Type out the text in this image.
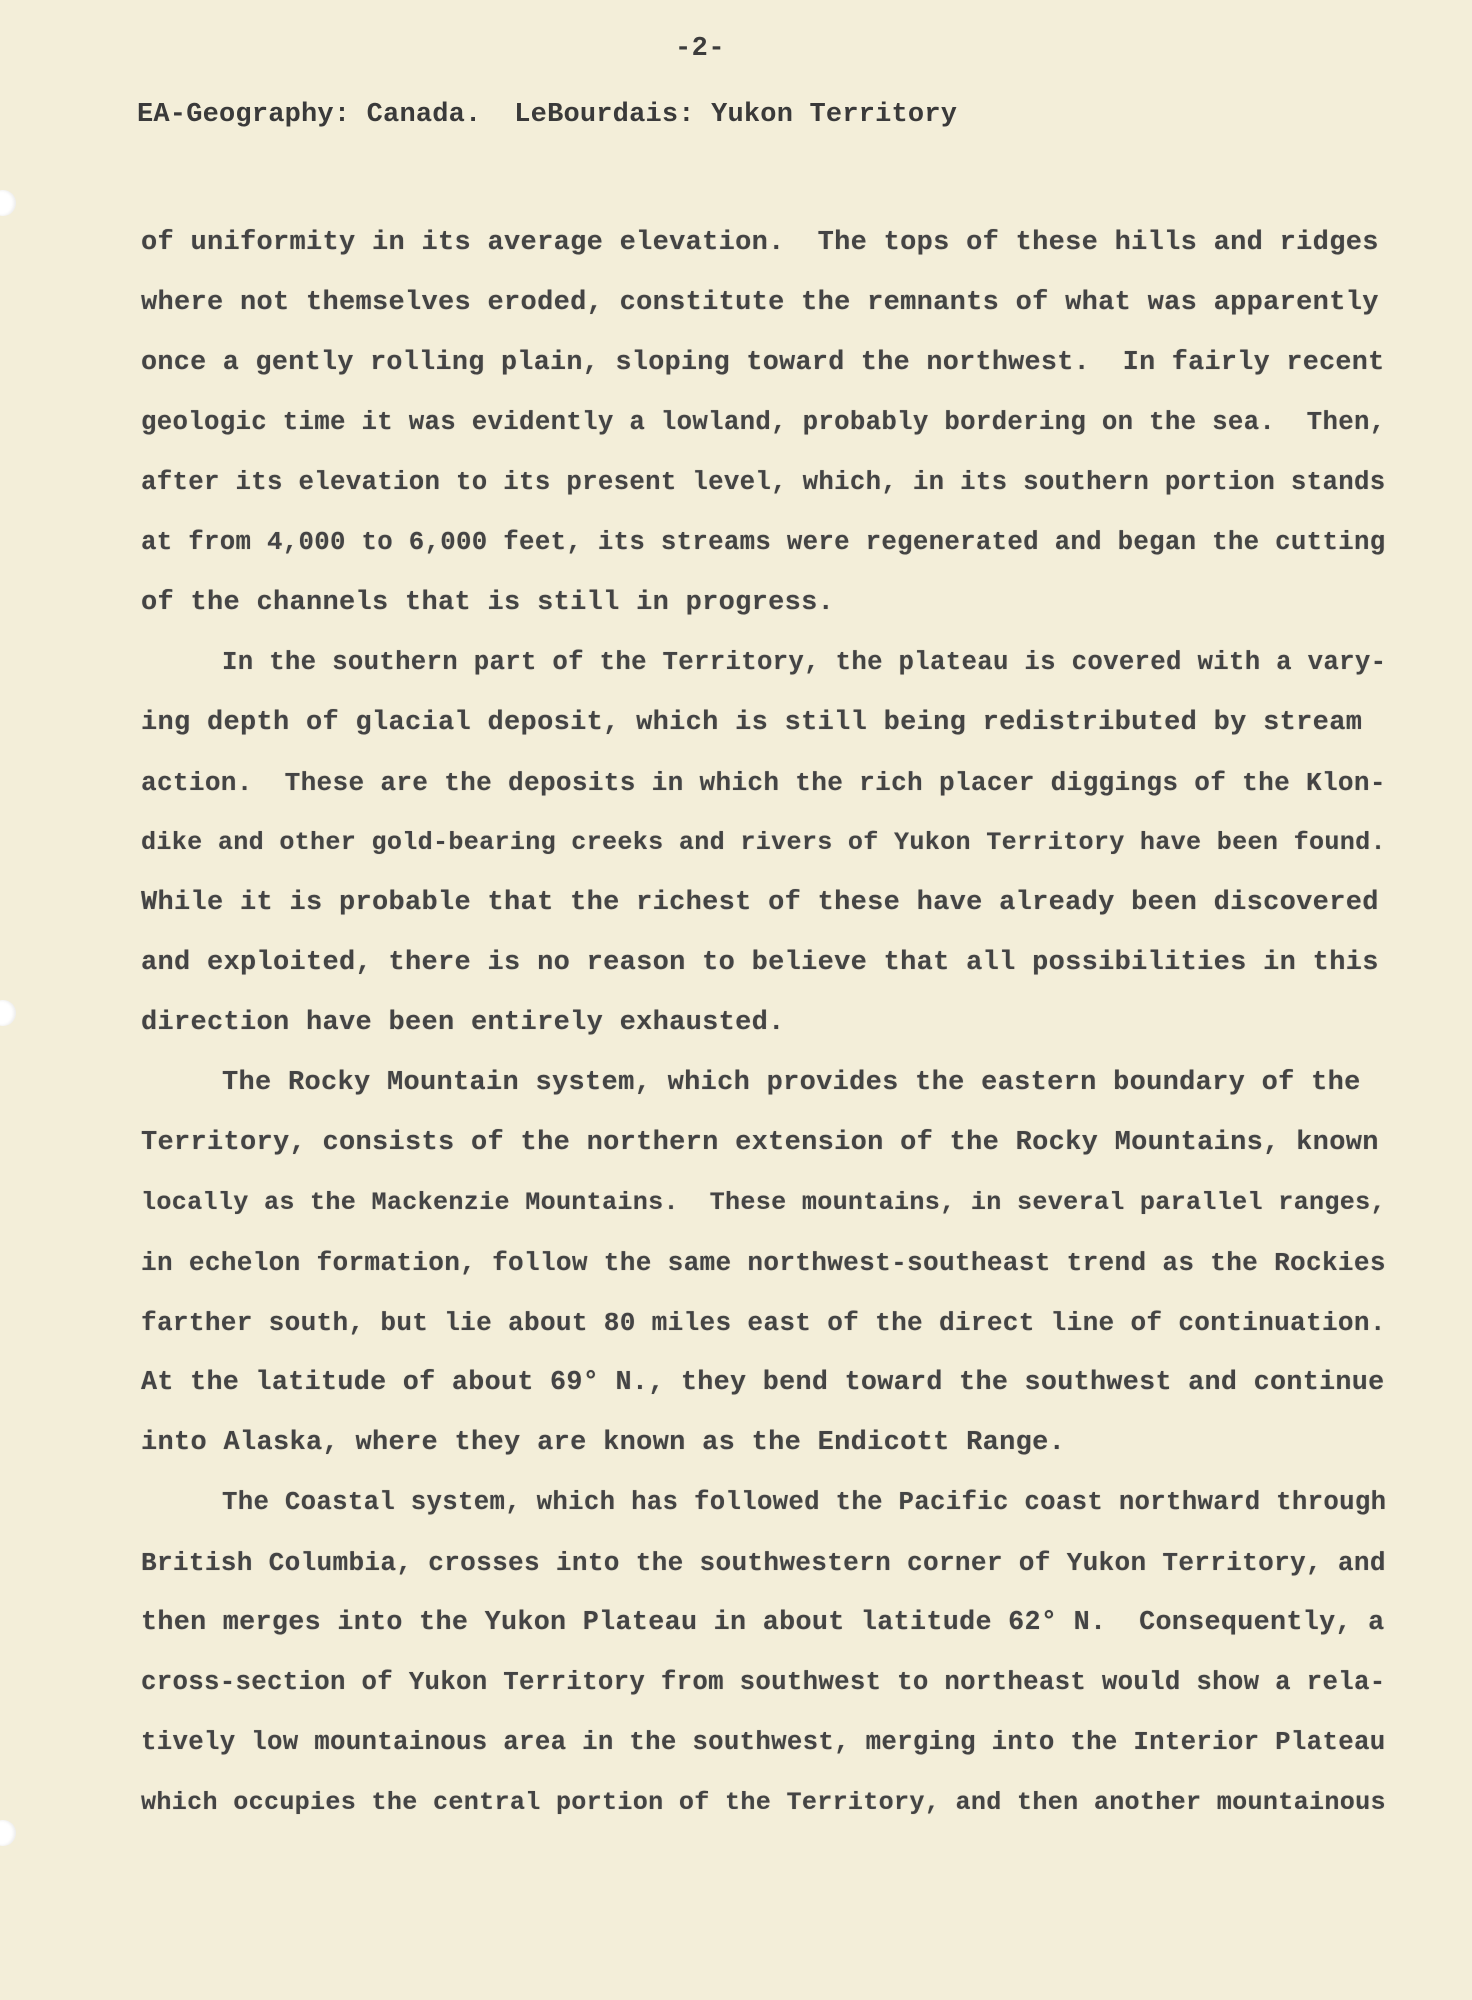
-2-
EA-Geography: Canada.  LeBourdais: Yukon Territory
of uniformity in its average elevation.  The tops of these hills and ridges
where not themselves eroded, constitute the remnants of what was apparently
once a gently rolling plain, sloping toward the northwest.  In fairly recent
geologic time it was evidently a lowland, probably bordering on the sea.  Then,
after its elevation to its present level, which, in its southern portion stands
at from 4,000 to 6,000 feet, its streams were regenerated and began the cutting
of the channels that is still in progress.
In the southern part of the Territory, the plateau is covered with a vary-
ing depth of glacial deposit, which is still being redistributed by stream
action.  These are the deposits in which the rich placer diggings of the Klon-
dike and other gold-bearing creeks and rivers of Yukon Territory have been found.
While it is probable that the richest of these have already been discovered
and exploited, there is no reason to believe that all possibilities in this
direction have been entirely exhausted.
The Rocky Mountain system, which provides the eastern boundary of the
Territory, consists of the northern extension of the Rocky Mountains, known
locally as the Mackenzie Mountains.  These mountains, in several parallel ranges,
in echelon formation, follow the same northwest-southeast trend as the Rockies
farther south, but lie about 80 miles east of the direct line of continuation.
At the latitude of about 69° N., they bend toward the southwest and continue
into Alaska, where they are known as the Endicott Range.
The Coastal system, which has followed the Pacific coast northward through
British Columbia, crosses into the southwestern corner of Yukon Territory, and
then merges into the Yukon Plateau in about latitude 62° N.  Consequently, a
cross-section of Yukon Territory from southwest to northeast would show a rela-
tively low mountainous area in the southwest, merging into the Interior Plateau
which occupies the central portion of the Territory, and then another mountainous
